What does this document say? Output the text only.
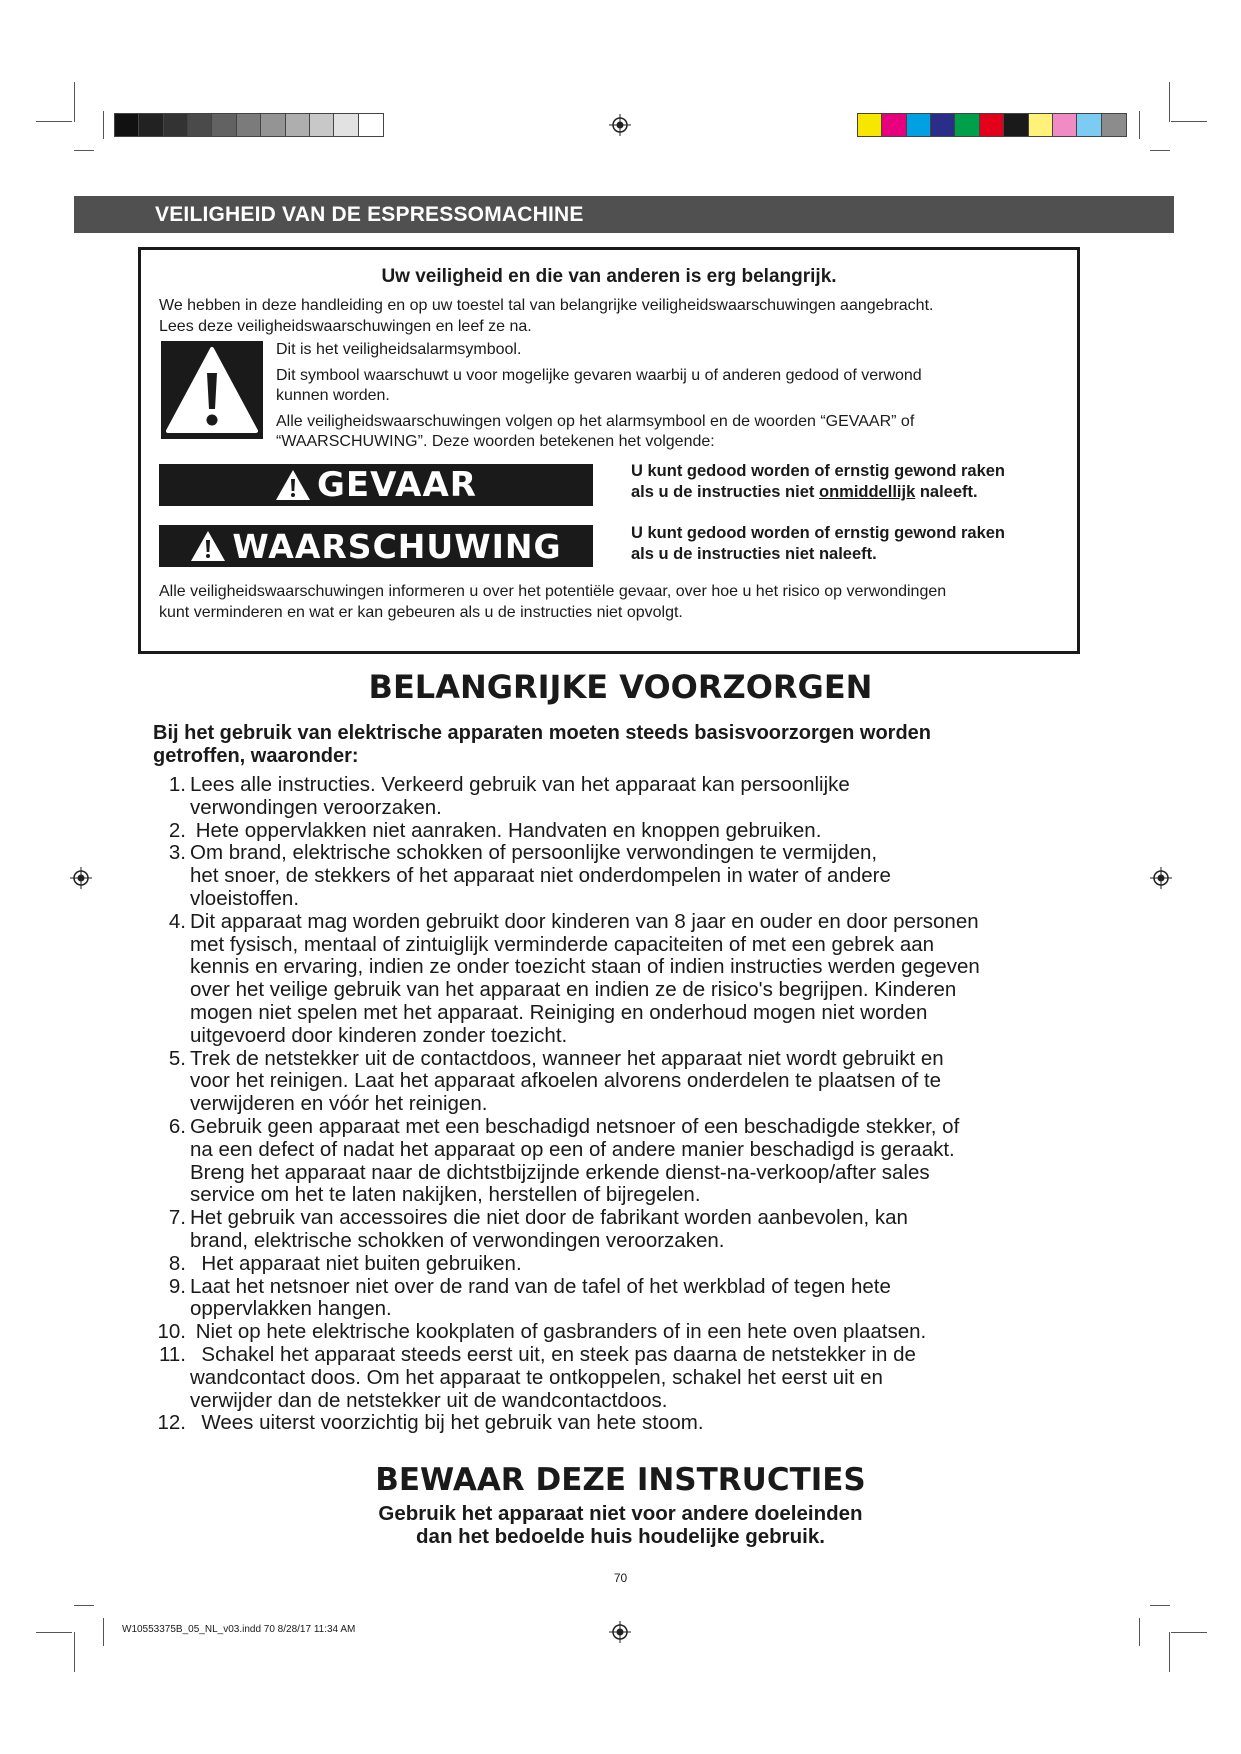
VEILIGHEID VAN DE ESPRESSOMACHINE
Uw veiligheid en die van anderen is erg belangrijk.
We hebben in deze handleiding en op uw toestel tal van belangrijke veiligheidswaarschuwingen aangebracht.
Lees deze veiligheidswaarschuwingen en leef ze na.
Dit is het veiligheidsalarmsymbool.
Dit symbool waarschuwt u voor mogelijke gevaren waarbij u of anderen gedood of verwond
kunnen worden.
Alle veiligheidswaarschuwingen volgen op het alarmsymbool en de woorden “GEVAAR” of
“WAARSCHUWING”. Deze woorden betekenen het volgende:
GEVAAR	U kunt gedood worden of ernstig gewond raken
als u de instructies niet onmiddellijk naleeft.
WAARSCHUWING	U kunt gedood worden of ernstig gewond raken
als u de instructies niet naleeft.
Alle veiligheidswaarschuwingen informeren u over het potentiële gevaar, over hoe u het risico op verwondingen
kunt verminderen en wat er kan gebeuren als u de instructies niet opvolgt.
BELANGRIJKE VOORZORGEN
Bij het gebruik van elektrische apparaten moeten steeds basisvoorzorgen worden
getroffen, waaronder:
1. Lees alle instructies. Verkeerd gebruik van het apparaat kan persoonlijke
verwondingen veroorzaken.
2. Hete oppervlakken niet aanraken. Handvaten en knoppen gebruiken.
3. Om brand, elektrische schokken of persoonlijke verwondingen te vermijden,
het snoer, de stekkers of het apparaat niet onderdompelen in water of andere
vloeistoffen.
4. Dit apparaat mag worden gebruikt door kinderen van 8 jaar en ouder en door personen
met fysisch, mentaal of zintuiglijk verminderde capaciteiten of met een gebrek aan
kennis en ervaring, indien ze onder toezicht staan of indien instructies werden gegeven
over het veilige gebruik van het apparaat en indien ze de risico's begrijpen. Kinderen
mogen niet spelen met het apparaat. Reiniging en onderhoud mogen niet worden
uitgevoerd door kinderen zonder toezicht.
5. Trek de netstekker uit de contactdoos, wanneer het apparaat niet wordt gebruikt en
voor het reinigen. Laat het apparaat afkoelen alvorens onderdelen te plaatsen of te
verwijderen en vóór het reinigen.
6. Gebruik geen apparaat met een beschadigd netsnoer of een beschadigde stekker, of
na een defect of nadat het apparaat op een of andere manier beschadigd is geraakt.
Breng het apparaat naar de dichtstbijzijnde erkende dienst-na-verkoop/after sales
service om het te laten nakijken, herstellen of bijregelen.
7. Het gebruik van accessoires die niet door de fabrikant worden aanbevolen, kan
brand, elektrische schokken of verwondingen veroorzaken.
8. Het apparaat niet buiten gebruiken.
9. Laat het netsnoer niet over de rand van de tafel of het werkblad of tegen hete
oppervlakken hangen.
10. Niet op hete elektrische kookplaten of gasbranders of in een hete oven plaatsen.
11. Schakel het apparaat steeds eerst uit, en steek pas daarna de netstekker in de
wandcontact doos. Om het apparaat te ontkoppelen, schakel het eerst uit en
verwijder dan de netstekker uit de wandcontactdoos.
12. Wees uiterst voorzichtig bij het gebruik van hete stoom.
BEWAAR DEZE INSTRUCTIES
Gebruik het apparaat niet voor andere doeleinden
dan het bedoelde huis houdelijke gebruik.
70
W10553375B_05_NL_v03.indd 70 8/28/17 11:34 AM
